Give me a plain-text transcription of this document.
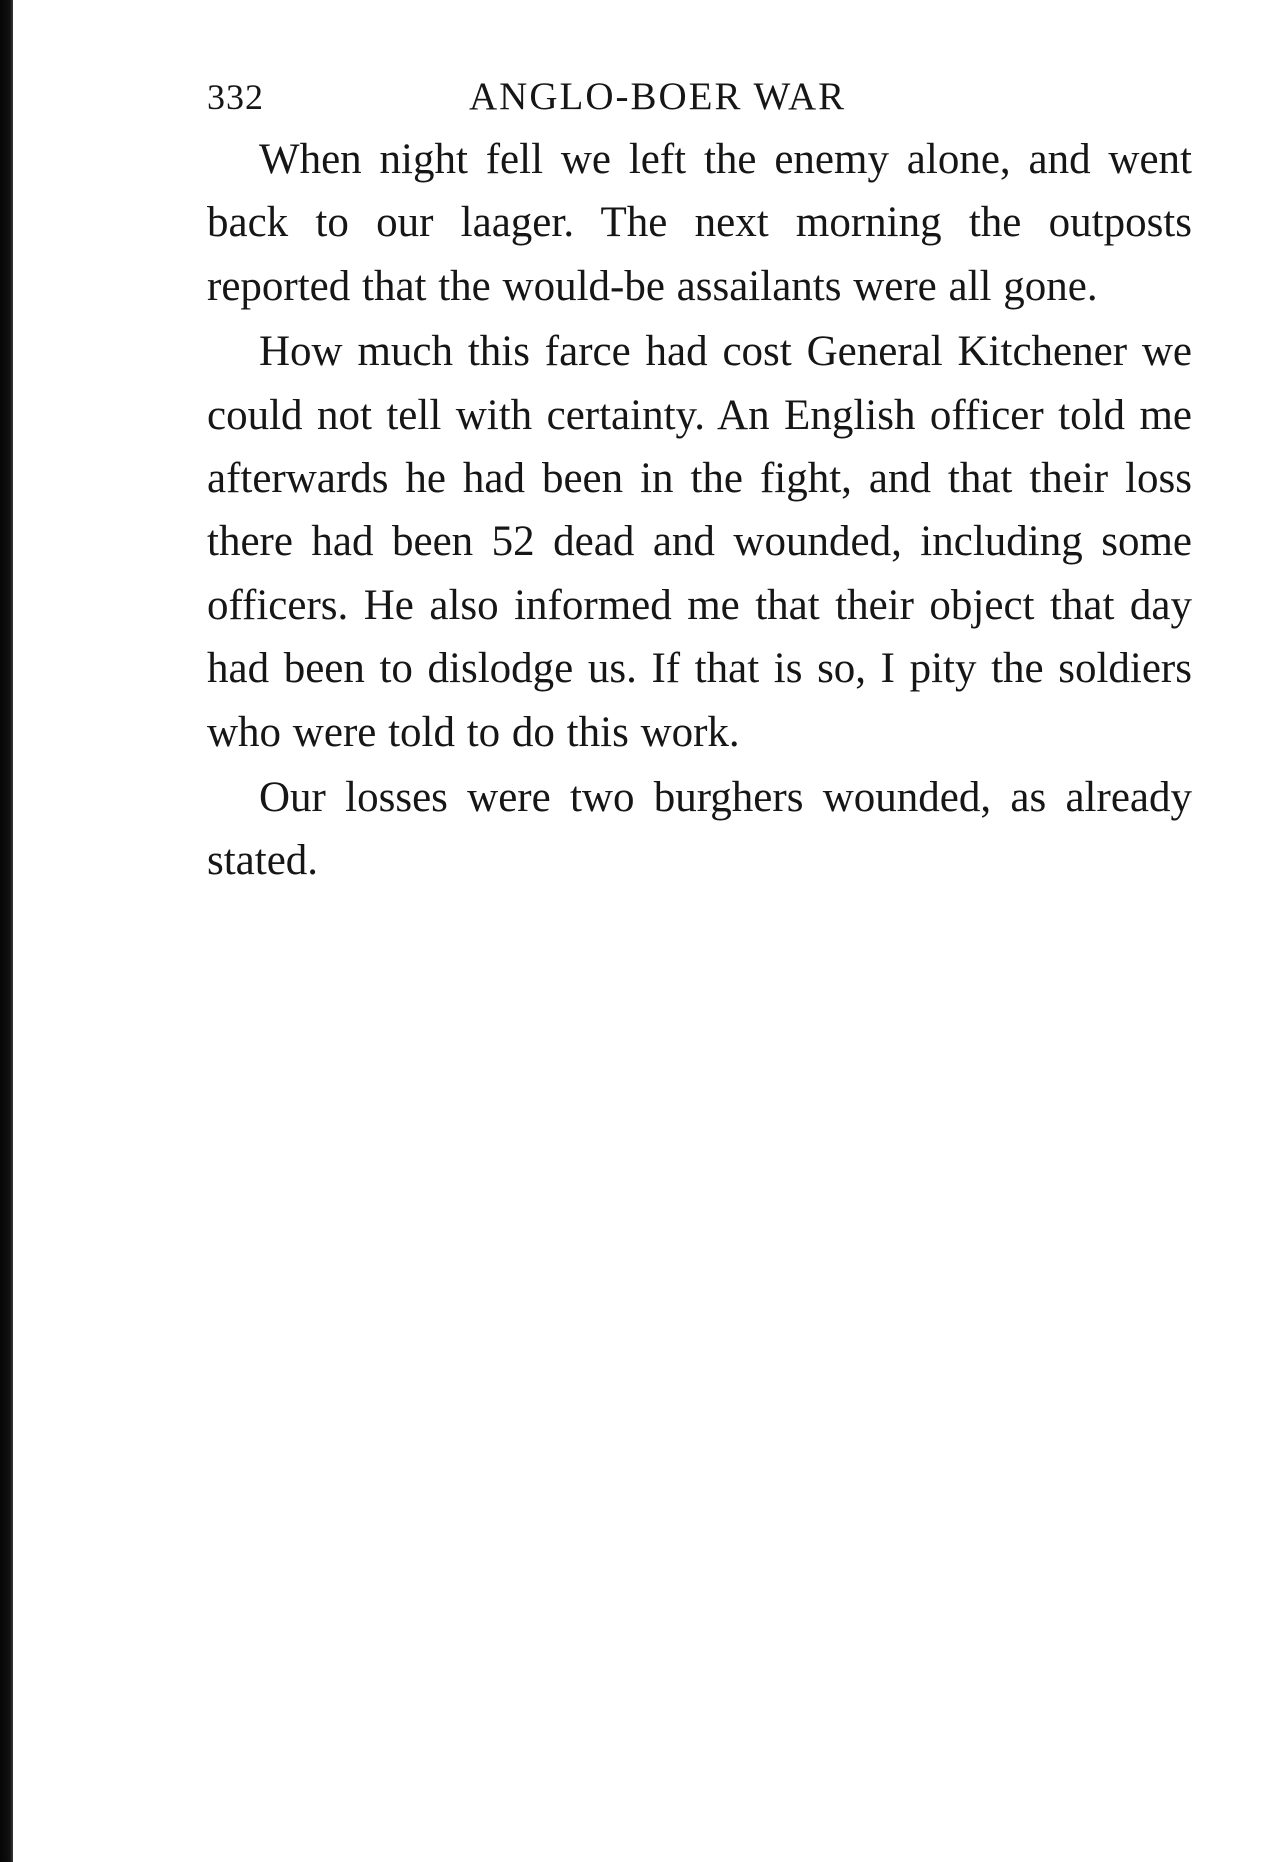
332	ANGLO-BOER WAR

When night fell we left the enemy alone, and went back to our laager. The next morning the outposts reported that the would-be assailants were all gone.

How much this farce had cost General Kitchener we could not tell with certainty. An English officer told me afterwards he had been in the fight, and that their loss there had been 52 dead and wounded, including some officers. He also informed me that their object that day had been to dislodge us. If that is so, I pity the soldiers who were told to do this work.

Our losses were two burghers wounded, as already stated.
